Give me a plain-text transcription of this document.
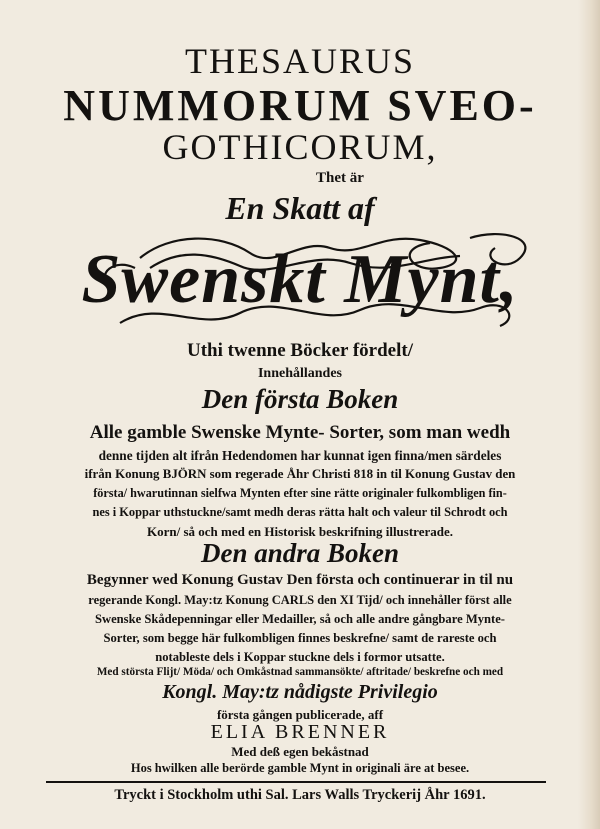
THESAURUS
NUMMORUM SVEO-
GOTHICORUM,
Thet är
En Skatt af
Swenskt Mynt,
Uthi twenne Böcker fördelt/
Innehållandes
Den första Boken
Alle gamble Swenske Mynte- Sorter, som man wedh
denne tijden alt ifrån Hedendomen har kunnat igen finna/men särdeles
ifrån Konung BJÖRN som regerade Åhr Christi 818 in til Konung Gustav den
första/ hwarutinnan sielfwa Mynten efter sine rätte originaler fulkombligen fin-
nes i Koppar uthstuckne/samt medh deras rätta halt och valeur til Schrodt och
Korn/ så och med en Historisk beskrifning illustrerade.
Den andra Boken
Begynner wed Konung Gustav Den första och continuerar in til nu
regerande Kongl. May:tz Konung CARLS den XI Tijd/ och innehåller först alle
Swenske Skådepenningar eller Medailler, så och alle andre gångbare Mynte-
Sorter, som begge här fulkombligen finnes beskrefne/ samt de rareste och
notableste dels i Koppar stuckne dels i formor utsatte.
Med största Flijt/ Möda/ och Omkåstnad sammansökte/ aftritade/ beskrefne och med
Kongl. May:tz nådigste Privilegio
första gången publicerade, aff
ELIA BRENNER
Med deß egen bekåstnad
Hos hwilken alle berörde gamble Mynt in originali äre at besee.
Tryckt i Stockholm uthi Sal. Lars Walls Tryckerij Åhr 1691.
